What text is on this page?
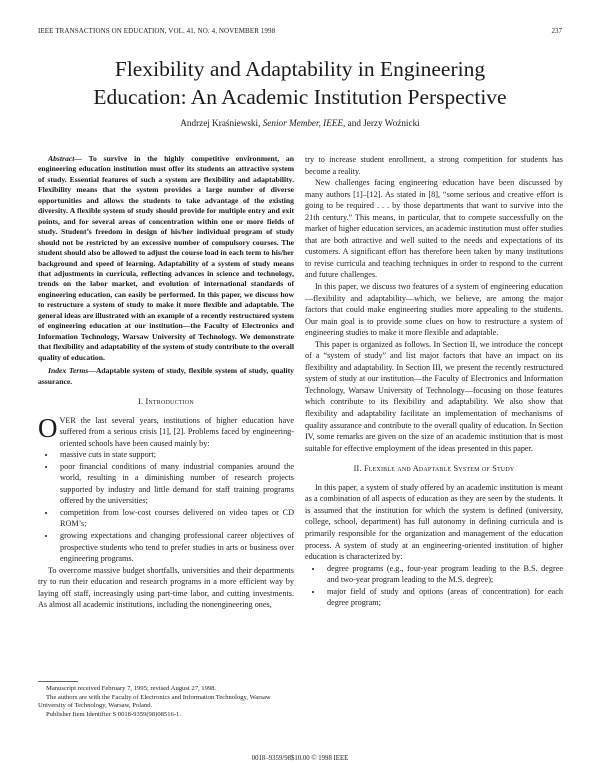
IEEE TRANSACTIONS ON EDUCATION, VOL. 41, NO. 4, NOVEMBER 1998	237
Flexibility and Adaptability in Engineering
Education: An Academic Institution Perspective
Andrzej Kraśniewski, Senior Member, IEEE, and Jerzy Woźnicki

Abstract— To survive in the highly competitive environment, an engineering education institution must offer its students an attractive system of study. Essential features of such a system are flexibility and adaptability. Flexibility means that the system provides a large number of diverse opportunities and allows the students to take advantage of the existing diversity. A flexible system of study should provide for multiple entry and exit points, and for several areas of concentration within one or more fields of study. Student’s freedom in design of his/her individual program of study should not be restricted by an excessive number of compulsory courses. The student should also be allowed to adjust the course load in each term to his/her background and speed of learning. Adaptability of a system of study means that adjustments in curricula, reflecting advances in science and technology, trends on the labor market, and evolution of international standards of engineering education, can easily be performed. In this paper, we discuss how to restructure a system of study to make it more flexible and adaptable. The general ideas are illustrated with an example of a recently restructured system of engineering education at our institution—the Faculty of Electronics and Information Technology, Warsaw University of Technology. We demonstrate that flexibility and adaptability of the system of study contribute to the overall quality of education.

Index Terms—Adaptable system of study, flexible system of study, quality assurance.

I. Introduction

OVER the last several years, institutions of higher education have suffered from a serious crisis [1], [2]. Problems faced by engineering-oriented schools have been caused mainly by:

• massive cuts in state support;
• poor financial conditions of many industrial companies around the world, resulting in a diminishing number of research projects supported by industry and little demand for staff training programs offered by the universities;
• competition from low-cost courses delivered on video tapes or CD ROM’s;
• growing expectations and changing professional career objectives of prospective students who tend to prefer studies in arts or business over engineering programs.

To overcome massive budget shortfalls, universities and their departments try to run their education and research programs in a more efficient way by laying off staff, increasingly using part-time labor, and cutting investments. As almost all academic institutions, including the nonengineering ones,

try to increase student enrollment, a strong competition for students has become a reality.

New challenges facing engineering education have been discussed by many authors [1]–[12]. As stated in [8], “some serious and creative effort is going to be required . . . by those departments that want to survive into the 21th century.” This means, in particular, that to compete successfully on the market of higher education services, an academic institution must offer studies that are both attractive and well suited to the needs and expectations of its customers. A significant effort has therefore been taken by many institutions to revise curricula and teaching techniques in order to respond to the current and future challenges.

In this paper, we discuss two features of a system of engineering education—flexibility and adaptability—which, we believe, are among the major factors that could make engineering studies more appealing to the students. Our main goal is to provide some clues on how to restructure a system of engineering studies to make it more flexible and adaptable.

This paper is organized as follows. In Section II, we introduce the concept of a “system of study” and list major factors that have an impact on its flexibility and adaptability. In Section III, we present the recently restructured system of study at our institution—the Faculty of Electronics and Information Technology, Warsaw University of Technology—focusing on those features which contribute to its flexibility and adaptability. We also show that flexibility and adaptability facilitate an implementation of mechanisms of quality assurance and contribute to the overall quality of education. In Section IV, some remarks are given on the size of an academic institution that is most suitable for effective employment of the ideas presented in this paper.

II. Flexible and Adaptable System of Study

In this paper, a system of study offered by an academic institution is meant as a combination of all aspects of education as they are seen by the students. It is assumed that the institution for which the system is defined (university, college, school, department) has full autonomy in defining curricula and is primarily responsible for the organization and management of the education process. A system of study at an engineering-oriented institution of higher education is characterized by:

• degree programs (e.g., four-year program leading to the B.S. degree and two-year program leading to the M.S. degree);
• major field of study and options (areas of concentration) for each degree program;

Manuscript received February 7, 1995; revised August 27, 1998.

The authors are with the Faculty of Electronics and Information Technology, Warsaw University of Technology, Warsaw, Poland.

Publisher Item Identifier S 0018-9359(98)08516-1.

0018–9359/98$10.00 © 1998 IEEE
